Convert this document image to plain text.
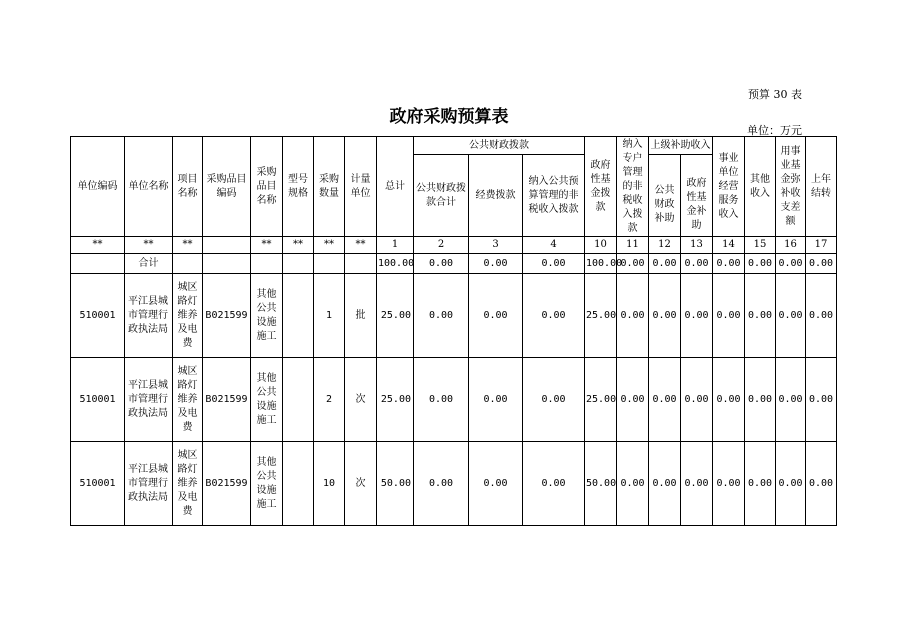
预算 30 表
政府采购预算表
单位：万元
单位编码	单位名称	项目名称	采购品目编码	采购品目名称	型号规格	采购数量	计量单位	总计	公共财政拨款			政府性基金拨款	纳入专户管理的非税收入拨款	上级补助收入		事业单位经营服务收入	其他收入	用事业基金弥补收支差额	上年结转
									公共财政拨款合计	经费拨款	纳入公共预算管理的非税收入拨款								
														公共财政补助	政府性基金补助				
**	**	**		**	**	**	**	1	2	3	4	10	11	12	13	14	15	16	17
	合计							100.00	0.00	0.00	0.00	100.00	0.00	0.00	0.00	0.00	0.00	0.00	0.00
510001	平江县城市管理行政执法局	城区路灯维养及电费	B021599	其他公共设施施工		1	批	25.00	0.00	0.00	0.00	25.00	0.00	0.00	0.00	0.00	0.00	0.00	0.00
510001	平江县城市管理行政执法局	城区路灯维养及电费	B021599	其他公共设施施工		2	次	25.00	0.00	0.00	0.00	25.00	0.00	0.00	0.00	0.00	0.00	0.00	0.00
510001	平江县城市管理行政执法局	城区路灯维养及电费	B021599	其他公共设施施工		10	次	50.00	0.00	0.00	0.00	50.00	0.00	0.00	0.00	0.00	0.00	0.00	0.00
